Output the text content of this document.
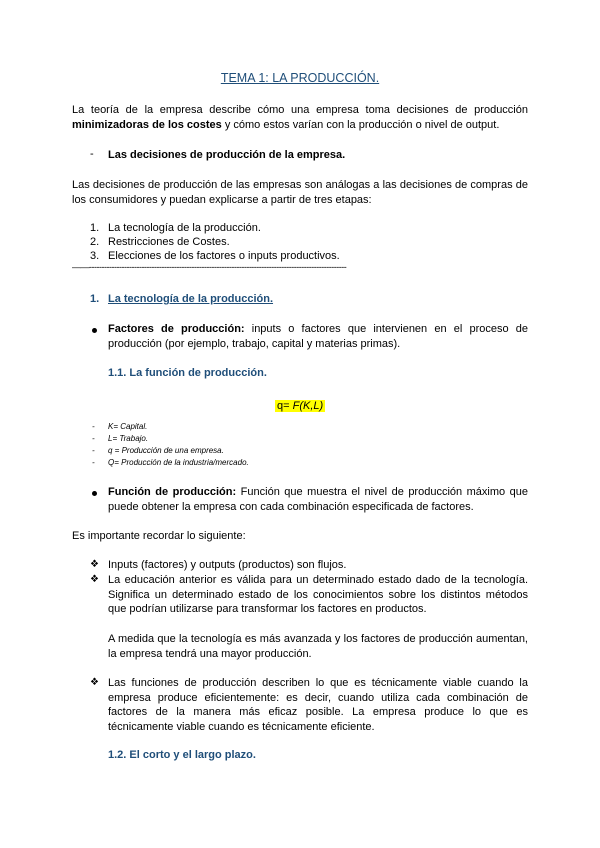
TEMA 1: LA PRODUCCIÓN.
La teoría de la empresa describe cómo una empresa toma decisiones de producción minimizadoras de los costes y cómo estos varían con la producción o nivel de output.
- Las decisiones de producción de la empresa.
Las decisiones de producción de las empresas son análogas a las decisiones de compras de los consumidores y puedan explicarse a partir de tres etapas:
1. La tecnología de la producción.
2. Restricciones de Costes.
3. Elecciones de los factores o inputs productivos.
——-------------------------------------------------------------------------------------------------------
1. La tecnología de la producción.
Factores de producción: inputs o factores que intervienen en el proceso de producción (por ejemplo, trabajo, capital y materias primas).
1.1. La función de producción.
q= F(K,L)
- K= Capital.
- L= Trabajo.
- q = Producción de una empresa.
- Q= Producción de la industria/mercado.
Función de producción: Función que muestra el nivel de producción máximo que puede obtener la empresa con cada combinación especificada de factores.
Es importante recordar lo siguiente:
❖ Inputs (factores) y outputs (productos) son flujos.
❖ La educación anterior es válida para un determinado estado dado de la tecnología. Significa un determinado estado de los conocimientos sobre los distintos métodos que podrían utilizarse para transformar los factores en productos.
A medida que la tecnología es más avanzada y los factores de producción aumentan, la empresa tendrá una mayor producción.
❖ Las funciones de producción describen lo que es técnicamente viable cuando la empresa produce eficientemente: es decir, cuando utiliza cada combinación de factores de la manera más eficaz posible. La empresa produce lo que es técnicamente viable cuando es técnicamente eficiente.
1.2. El corto y el largo plazo.
